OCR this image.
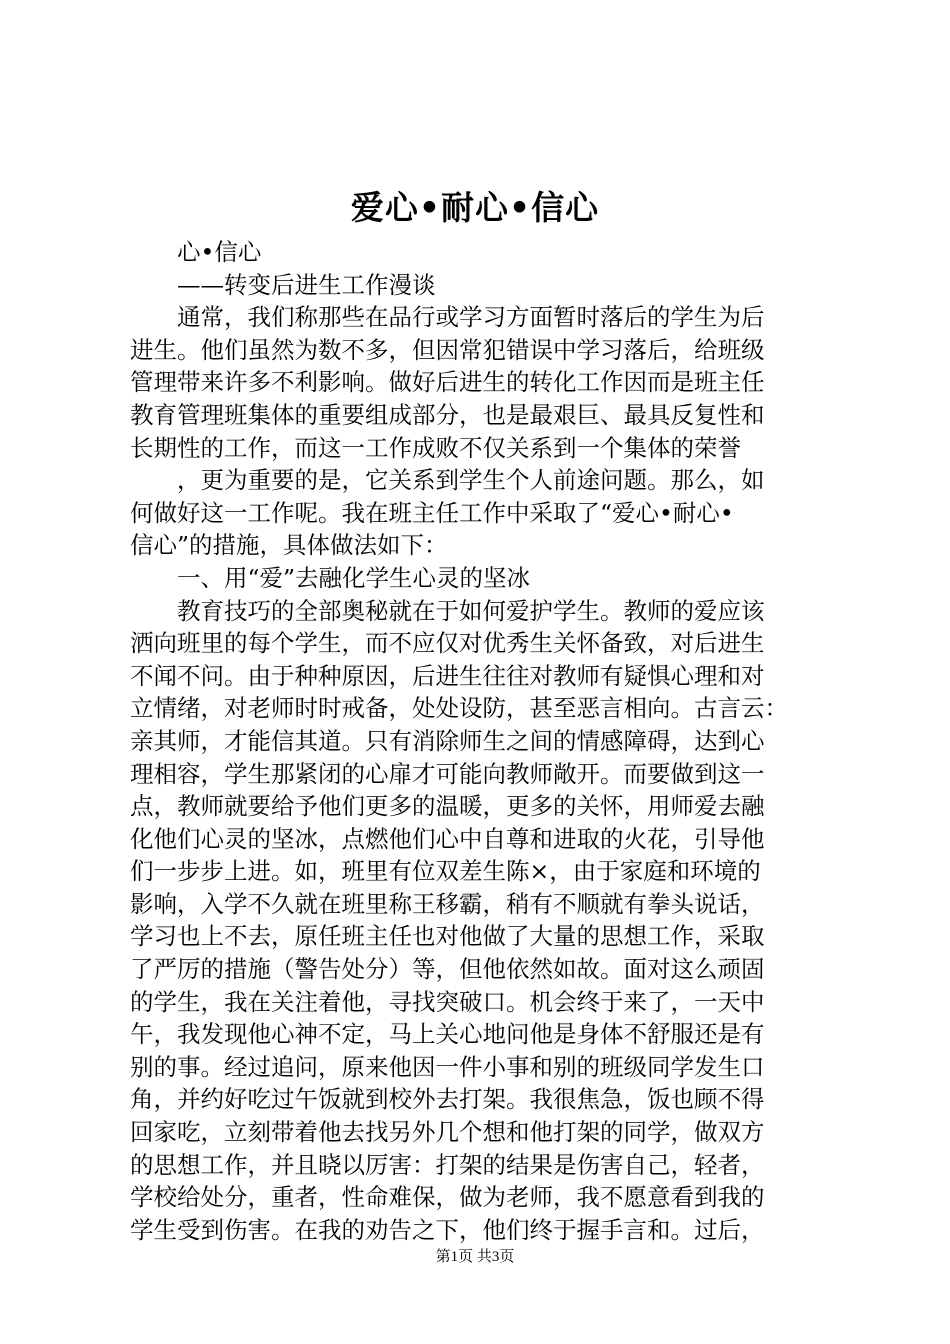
爱心•耐心•信心
　　心•信心
　　——转变后进生工作漫谈
　　通常，我们称那些在品行或学习方面暂时落后的学生为后
进生。他们虽然为数不多，但因常犯错误中学习落后，给班级
管理带来许多不利影响。做好后进生的转化工作因而是班主任
教育管理班集体的重要组成部分，也是最艰巨、最具反复性和
长期性的工作，而这一工作成败不仅关系到一个集体的荣誉
　　，更为重要的是，它关系到学生个人前途问题。那么，如
何做好这一工作呢。我在班主任工作中采取了“爱心•耐心•
信心”的措施，具体做法如下：
　　一、用“爱”去融化学生心灵的坚冰
　　教育技巧的全部奥秘就在于如何爱护学生。教师的爱应该
洒向班里的每个学生，而不应仅对优秀生关怀备致，对后进生
不闻不问。由于种种原因，后进生往往对教师有疑惧心理和对
立情绪，对老师时时戒备，处处设防，甚至恶言相向。古言云：
亲其师，才能信其道。只有消除师生之间的情感障碍，达到心
理相容，学生那紧闭的心扉才可能向教师敞开。而要做到这一
点，教师就要给予他们更多的温暖，更多的关怀，用师爱去融
化他们心灵的坚冰，点燃他们心中自尊和进取的火花，引导他
们一步步上进。如，班里有位双差生陈×，由于家庭和环境的
影响，入学不久就在班里称王移霸，稍有不顺就有拳头说话，
学习也上不去，原任班主任也对他做了大量的思想工作，采取
了严厉的措施（警告处分）等，但他依然如故。面对这么顽固
的学生，我在关注着他，寻找突破口。机会终于来了，一天中
午，我发现他心神不定，马上关心地问他是身体不舒服还是有
别的事。经过追问，原来他因一件小事和别的班级同学发生口
角，并约好吃过午饭就到校外去打架。我很焦急，饭也顾不得
回家吃，立刻带着他去找另外几个想和他打架的同学，做双方
的思想工作，并且晓以厉害：打架的结果是伤害自己，轻者，
学校给处分，重者，性命难保，做为老师，我不愿意看到我的
学生受到伤害。在我的劝告之下，他们终于握手言和。过后，
第1页 共3页
